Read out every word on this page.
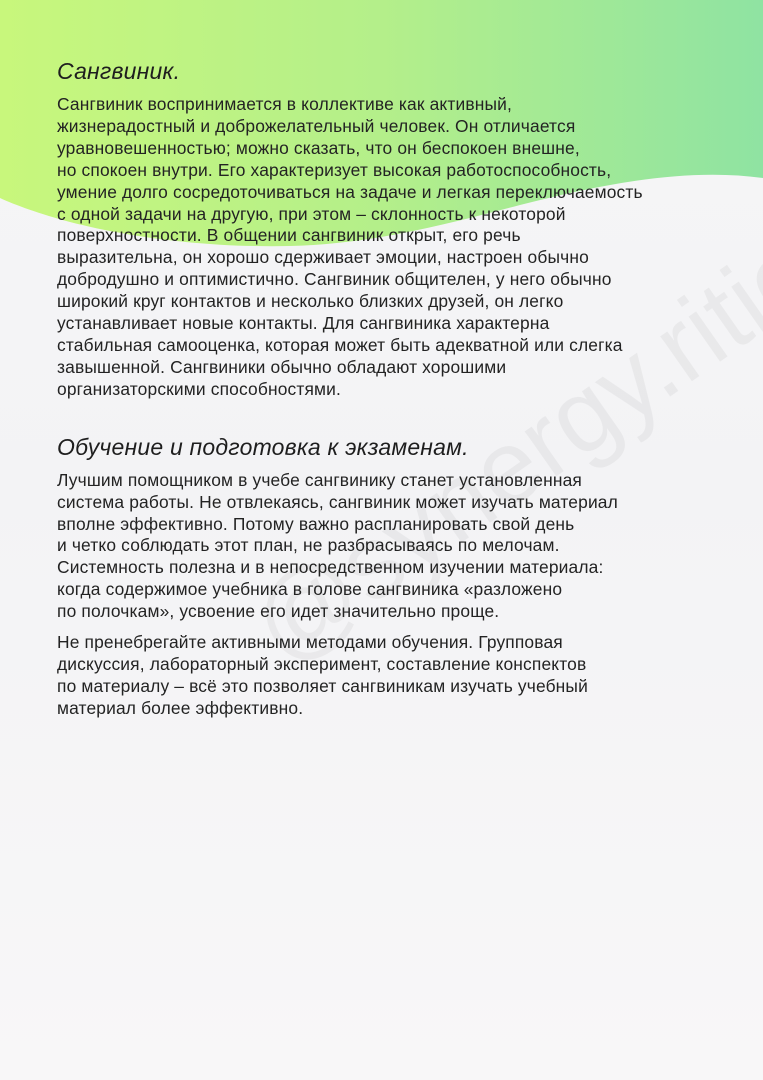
Сангвиник.

Сангвиник воспринимается в коллективе как активный,
жизнерадостный и доброжелательный человек. Он отличается
уравновешенностью; можно сказать, что он беспокоен внешне,
но спокоен внутри. Его характеризует высокая работоспособность,
умение долго сосредоточиваться на задаче и легкая переключаемость
с одной задачи на другую, при этом – склонность к некоторой
поверхностности. В общении сангвиник открыт, его речь
выразительна, он хорошо сдерживает эмоции, настроен обычно
добродушно и оптимистично. Сангвиник общителен, у него обычно
широкий круг контактов и несколько близких друзей, он легко
устанавливает новые контакты. Для сангвиника характерна
стабильная самооценка, которая может быть адекватной или слегка
завышенной. Сангвиники обычно обладают хорошими
организаторскими способностями.

Обучение и подготовка к экзаменам.

Лучшим помощником в учебе сангвинику станет установленная
система работы. Не отвлекаясь, сангвиник может изучать материал
вполне эффективно. Потому важно распланировать свой день
и четко соблюдать этот план, не разбрасываясь по мелочам.
Системность полезна и в непосредственном изучении материала:
когда содержимое учебника в голове сангвиника «разложено
по полочкам», усвоение его идет значительно проще.

Не пренебрегайте активными методами обучения. Групповая
дискуссия, лабораторный эксперимент, составление конспектов
по материалу – всё это позволяет сангвиникам изучать учебный
материал более эффективно.
